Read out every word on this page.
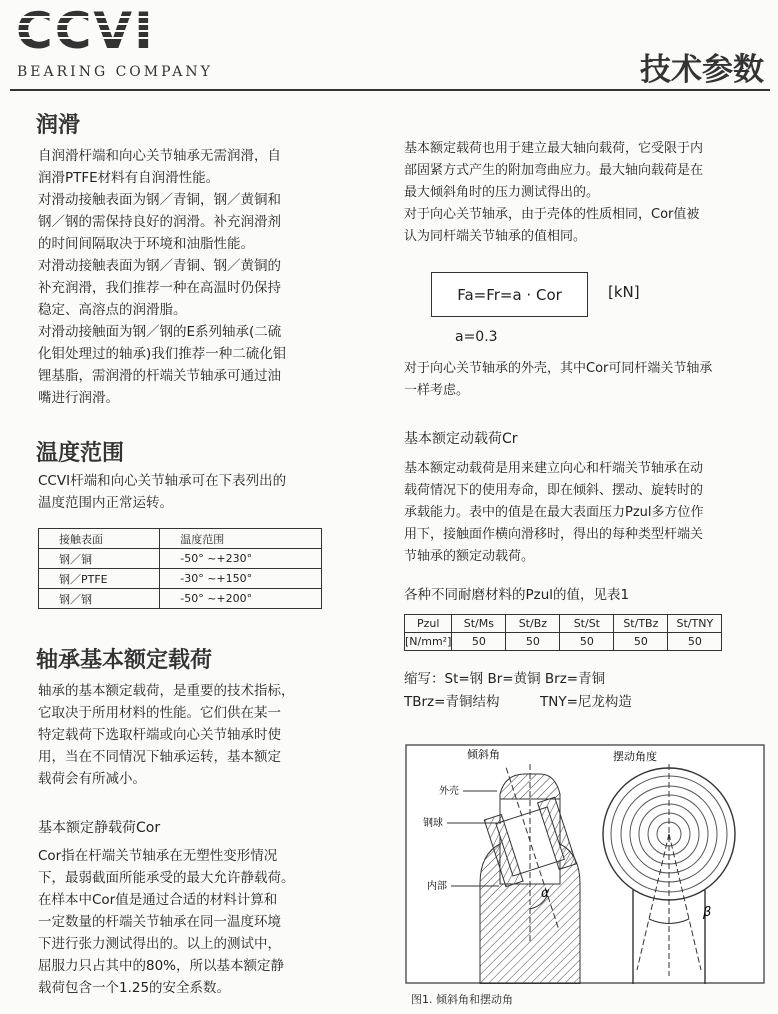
BEARING COMPANY	技术参数
润滑
自润滑杆端和向心关节轴承无需润滑，自
润滑PTFE材料有自润滑性能。
对滑动接触表面为钢／青铜，钢／黄铜和
钢／钢的需保持良好的润滑。补充润滑剂
的时间间隔取决于环境和油脂性能。
对滑动接触表面为钢／青铜、钢／黄铜的
补充润滑，我们推荐一种在高温时仍保持
稳定、高溶点的润滑脂。
对滑动接触面为钢／钢的E系列轴承(二硫
化钼处理过的轴承)我们推荐一种二硫化钼
锂基脂，需润滑的杆端关节轴承可通过油
嘴进行润滑。
温度范围
CCVI杆端和向心关节轴承可在下表列出的
温度范围内正常运转。
接触表面	温度范围
钢／铜	-50° ~+230°
钢／PTFE	-30° ~+150°
钢／钢	-50° ~+200°
轴承基本额定载荷
轴承的基本额定载荷，是重要的技术指标，
它取决于所用材料的性能。它们供在某一
特定载荷下选取杆端或向心关节轴承时使
用，当在不同情况下轴承运转，基本额定
载荷会有所减小。
基本额定静载荷Cor
Cor指在杆端关节轴承在无塑性变形情况
下，最弱截面所能承受的最大允许静载荷。
在样本中Cor值是通过合适的材料计算和
一定数量的杆端关节轴承在同一温度环境
下进行张力测试得出的。以上的测试中，
屈服力只占其中的80%，所以基本额定静
载荷包含一个1.25的安全系数。
基本额定载荷也用于建立最大轴向载荷，它受限于内
部固紧方式产生的附加弯曲应力。最大轴向载荷是在
最大倾斜角时的压力测试得出的。
对于向心关节轴承，由于壳体的性质相同，Cor值被
认为同杆端关节轴承的值相同。
Fa=Fr=a · Cor	[kN]
a=0.3
对于向心关节轴承的外壳，其中Cor可同杆端关节轴承
一样考虑。
基本额定动载荷Cr
基本额定动载荷是用来建立向心和杆端关节轴承在动
载荷情况下的使用寿命，即在倾斜、摆动、旋转时的
承载能力。表中的值是在最大表面压力Pzul多方位作
用下，接触面作横向滑移时，得出的每种类型杆端关
节轴承的额定动载荷。
各种不同耐磨材料的Pzul的值，见表1
Pzul	St/Ms	St/Bz	St/St	St/TBz	St/TNY
[N/mm²]	50	50	50	50	50
缩写：St=钢 Br=黄铜 Brz=青铜
TBrz=青铜结构	TNY=尼龙构造
倾斜角
外壳
钢球
内部	α
摆动角度
β
图1. 倾斜角和摆动角
